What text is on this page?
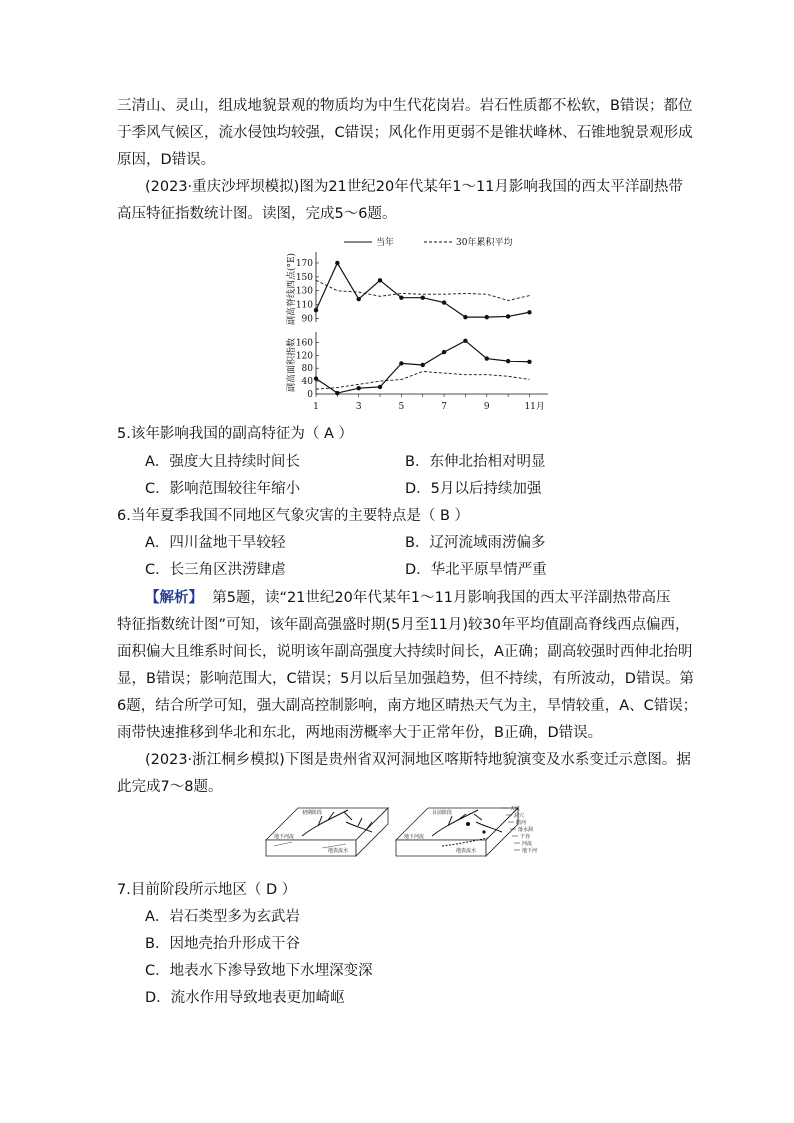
三清山、灵山，组成地貌景观的物质均为中生代花岗岩。岩石性质都不松软，B错误；都位
于季风气候区，流水侵蚀均较强，C错误；风化作用更弱不是锥状峰林、石锥地貌景观形成
原因，D错误。
(2023·重庆沙坪坝模拟)图为21世纪20年代某年1～11月影响我国的西太平洋副热带
高压特征指数统计图。读图，完成5～6题。
当年	30年累积平均
170
150
130
110
90
副高脊线西点(°E)
160
120
80
40
0
副高面积指数
1	3	5	7	9	11月
5.该年影响我国的副高特征为（ A ）
A．强度大且持续时间长	B．东伸北抬相对明显
C．影响范围较往年缩小	D．5月以后持续加强
6.当年夏季我国不同地区气象灾害的主要特点是（ B ）
A．四川盆地干旱较轻	B．辽河流域雨涝偏多
C．长三角区洪涝肆虐	D．华北平原旱情严重
【解析】 第5题，读“21世纪20年代某年1～11月影响我国的西太平洋副热带高压
特征指数统计图”可知，该年副高强盛时期(5月至11月)较30年平均值副高脊线西点偏西，
面积偏大且维系时间长，说明该年副高强度大持续时间长，A正确；副高较强时西伸北抬明
显，B错误；影响范围大，C错误；5月以后呈加强趋势，但不持续，有所波动，D错误。第
6题，结合所学可知，强大副高控制影响，南方地区晴热天气为主，旱情较重，A、C错误；
雨带快速推移到华北和东北，两地雨涝概率大于正常年份，B正确，D错误。
(2023·浙江桐乡模拟)下图是贵州省双河洞地区喀斯特地貌演变及水系变迁示意图。据
此完成7～8题。
初期阶段
地下河流
地表流水
目前阶段
地下河流
地表流水
天坑
洞穴
暗河
落水洞
干谷
河流
地下河
7.目前阶段所示地区（ D ）
A．岩石类型多为玄武岩
B．因地壳抬升形成干谷
C．地表水下渗导致地下水埋深变深
D．流水作用导致地表更加崎岖
